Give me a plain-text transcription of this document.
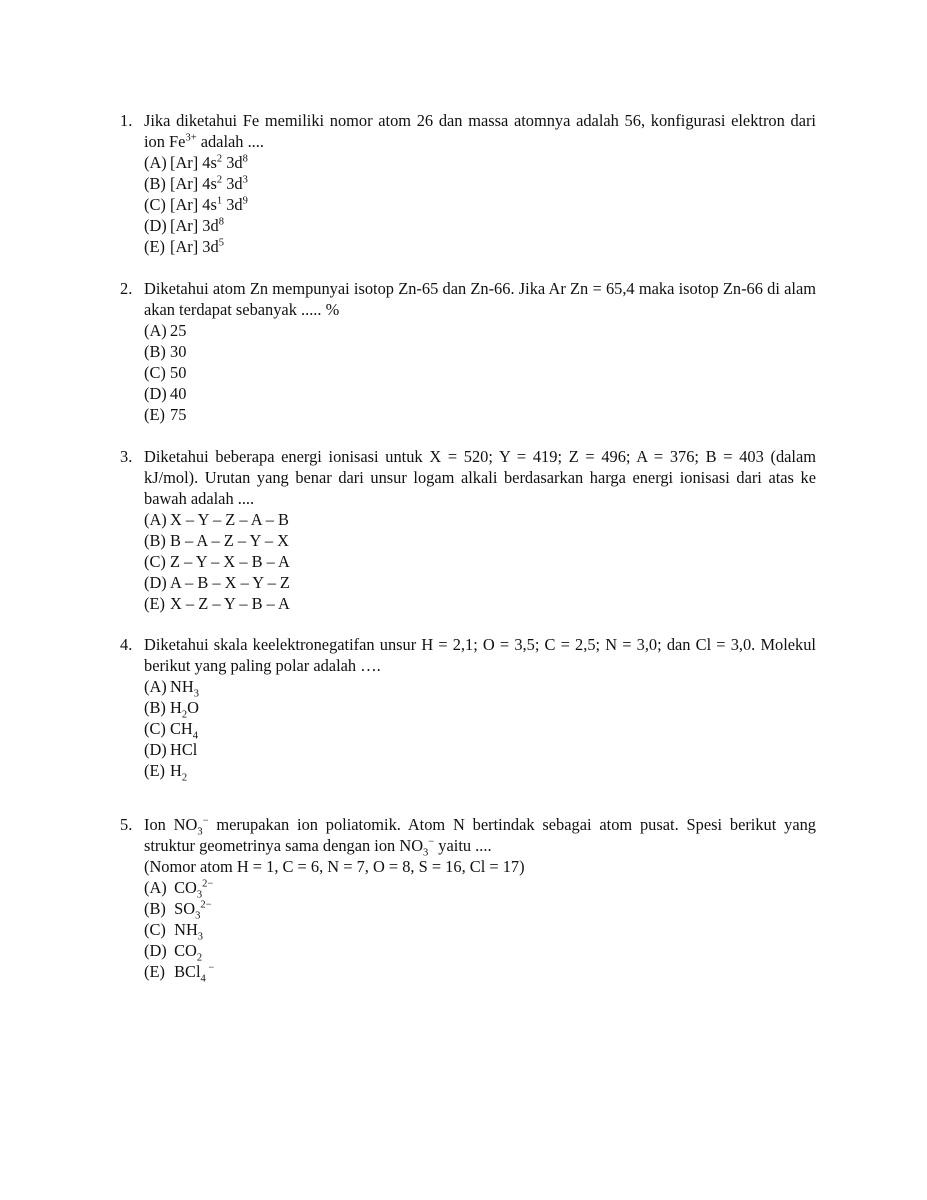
1. Jika diketahui Fe memiliki nomor atom 26 dan massa atomnya adalah 56, konfigurasi elektron dari ion $Fe^{3+}$ adalah ....
(A) [Ar] $4s^2$ $3d^8$
(B) [Ar] $4s^2$ $3d^3$
(C) [Ar] $4s^1$ $3d^9$
(D) [Ar] $3d^8$
(E) [Ar] $3d^5$
2. Diketahui atom Zn mempunyai isotop Zn-65 dan Zn-66. Jika Ar Zn = 65,4 maka isotop Zn-66 di alam akan terdapat sebanyak ..... %
(A) 25
(B) 30
(C) 50
(D) 40
(E) 75
3. Diketahui beberapa energi ionisasi untuk X = 520; Y = 419; Z = 496; A = 376; B = 403 (dalam kJ/mol). Urutan yang benar dari unsur logam alkali berdasarkan harga energi ionisasi dari atas ke bawah adalah ....
(A) X – Y – Z – A – B
(B) B – A – Z – Y – X
(C) Z – Y – X – B – A
(D) A – B – X – Y – Z
(E) X – Z – Y – B – A
4. Diketahui skala keelektronegatifan unsur H = 2,1; O = 3,5; C = 2,5; N = 3,0; dan Cl = 3,0. Molekul berikut yang paling polar adalah ….
(A) $NH_3$
(B) $H_2O$
(C) $CH_4$
(D) HCl
(E) $H_2$
5. Ion $NO_3^-$ merupakan ion poliatomik. Atom N bertindak sebagai atom pusat. Spesi berikut yang struktur geometrinya sama dengan ion $NO_3^-$ yaitu ....
(Nomor atom H = 1, C = 6, N = 7, O = 8, S = 16, Cl = 17)
(A) $CO_3^{2-}$
(B) $SO_3^{2-}$
(C) $NH_3$
(D) $CO_2$
(E) BCl$_4$ −
